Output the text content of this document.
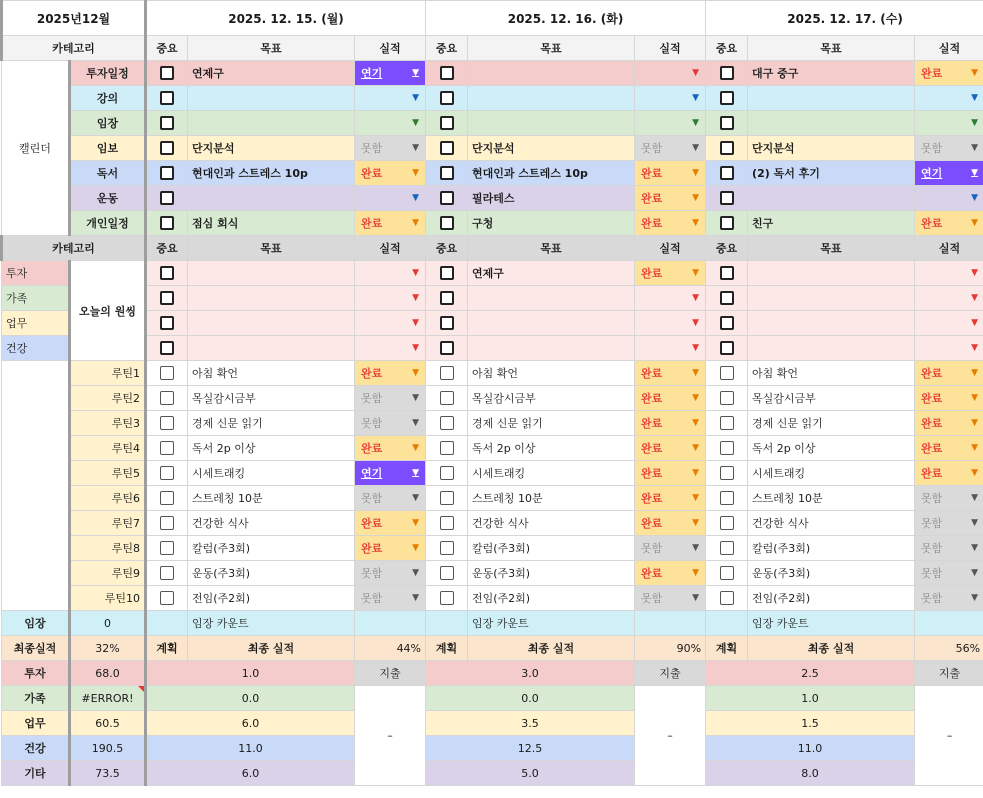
2025년12월		2025. 12. 15. (월)			2025. 12. 16. (화)			2025. 12. 17. (수)		
카테고리		중요	목표	실적	중요	목표	실적	중요	목표	실적
캘린더	투자일정		연제구	연기 ▼			▼		대구 중구	완료 ▼

	강의			▼			▼			▼

	임장			▼			▼			▼

	임보		단지분석	못함 ▼		단지분석	못함 ▼		단지분석	못함 ▼

	독서		현대인과 스트레스 10p	완료 ▼		현대인과 스트레스 10p	완료 ▼		(2) 독서 후기	연기 ▼

	운동			▼		필라테스	완료 ▼			▼

	개인일정		점심 회식	완료 ▼		구청	완료 ▼		친구	완료 ▼

카테고리		중요	목표	실적	중요	목표	실적	중요	목표	실적
투자	오늘의 원씽			▼		연제구	완료 ▼			▼

가족				▼			▼			▼

업무				▼			▼			▼

건강				▼			▼			▼

	루틴1		아침 확언	완료 ▼		아침 확언	완료 ▼		아침 확언	완료 ▼

	루틴2		목실감시금부	못함 ▼		목실감시금부	완료 ▼		목실감시금부	완료 ▼

	루틴3		경제 신문 읽기	못함 ▼		경제 신문 읽기	완료 ▼		경제 신문 읽기	완료 ▼

	루틴4		독서 2p 이상	완료 ▼		독서 2p 이상	완료 ▼		독서 2p 이상	완료 ▼

	루틴5		시세트래킹	연기 ▼		시세트래킹	완료 ▼		시세트래킹	완료 ▼

	루틴6		스트레칭 10분	못함 ▼		스트레칭 10분	완료 ▼		스트레칭 10분	못함 ▼

	루틴7		건강한 식사	완료 ▼		건강한 식사	완료 ▼		건강한 식사	못함 ▼

	루틴8		칼럼(주3회)	완료 ▼		칼럼(주3회)	못함 ▼		칼럼(주3회)	못함 ▼

	루틴9		운동(주3회)	못함 ▼		운동(주3회)	완료 ▼		운동(주3회)	못함 ▼

	루틴10		전임(주2회)	못함 ▼		전임(주2회)	못함 ▼		전임(주2회)	못함 ▼

임장	0		임장 카운트			임장 카운트			임장 카운트	
최종실적	32%	계획	최종 실적	44%	계획	최종 실적	90%	계획	최종 실적	56%
투자	68.0	1.0		지출	3.0		지출	2.5		지출
가족	#ERROR!	0.0		–	0.0		–	1.0		–
업무	60.5	6.0			3.5			1.5		
건강	190.5	11.0			12.5			11.0		
기타	73.5	6.0			5.0			8.0		
